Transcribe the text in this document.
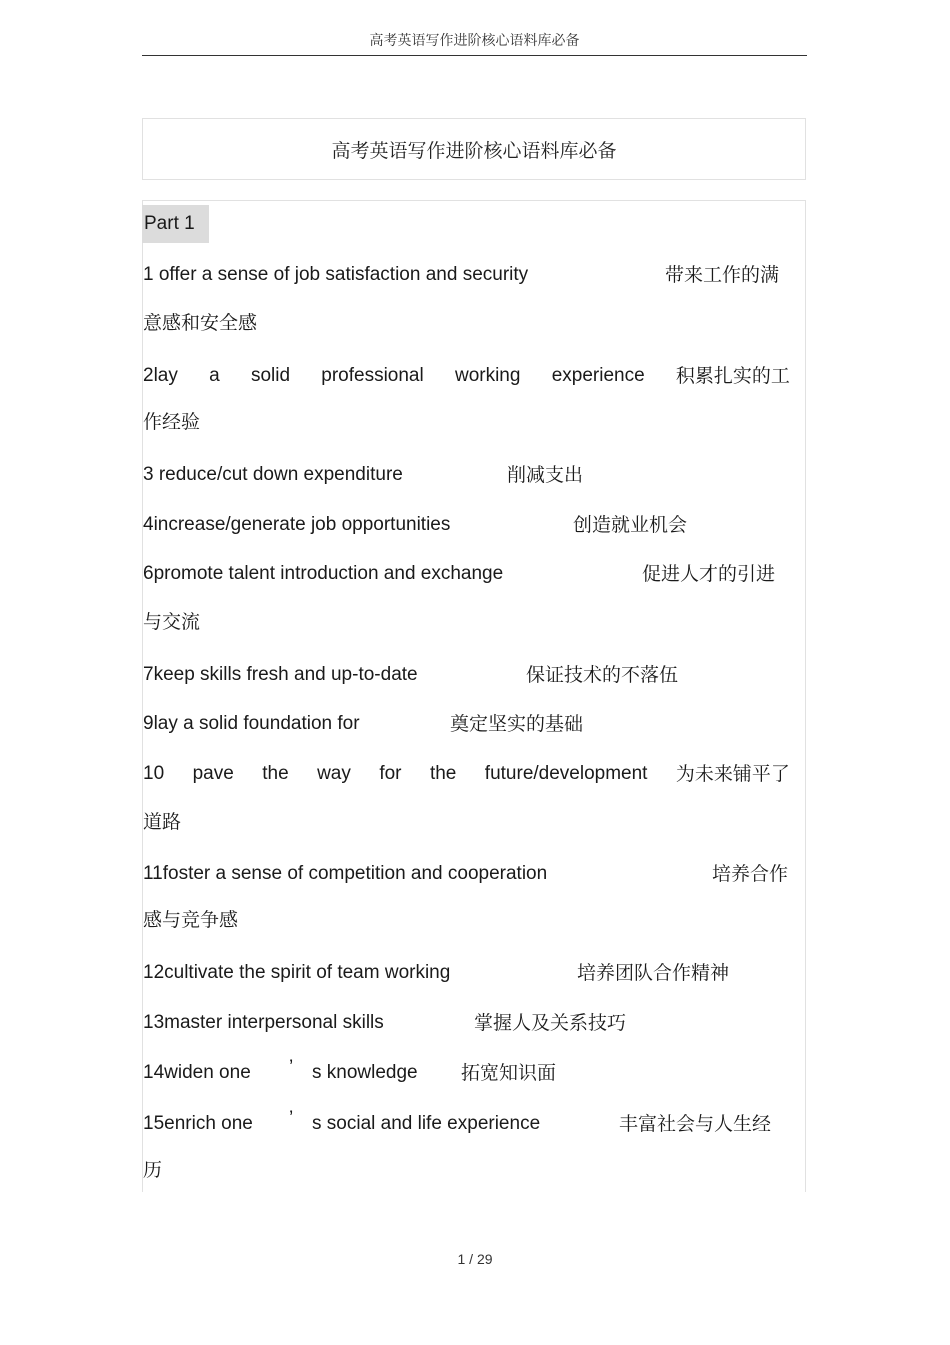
高考英语写作进阶核心语料库必备
高考英语写作进阶核心语料库必备
Part 1
1 offer a sense of job satisfaction and security	带来工作的满
意感和安全感
2lay a solid professional working experience 积累扎实的工
作经验
3 reduce/cut down expenditure	削减支出
4increase/generate job opportunities	创造就业机会
6promote talent introduction and exchange	促进人才的引进
与交流
7keep skills fresh and up-to-date	保证技术的不落伍
9lay a solid foundation for	奠定坚实的基础
10 pave the way for the future/development 为未来铺平了
道路
11foster a sense of competition and cooperation	培养合作
感与竞争感
12cultivate the spirit of team working	培养团队合作精神
13master interpersonal skills	掌握人及关系技巧
14widen one ’ s knowledge 拓宽知识面
15enrich one ’ s social and life experience	丰富社会与人生经
历
1 / 29
